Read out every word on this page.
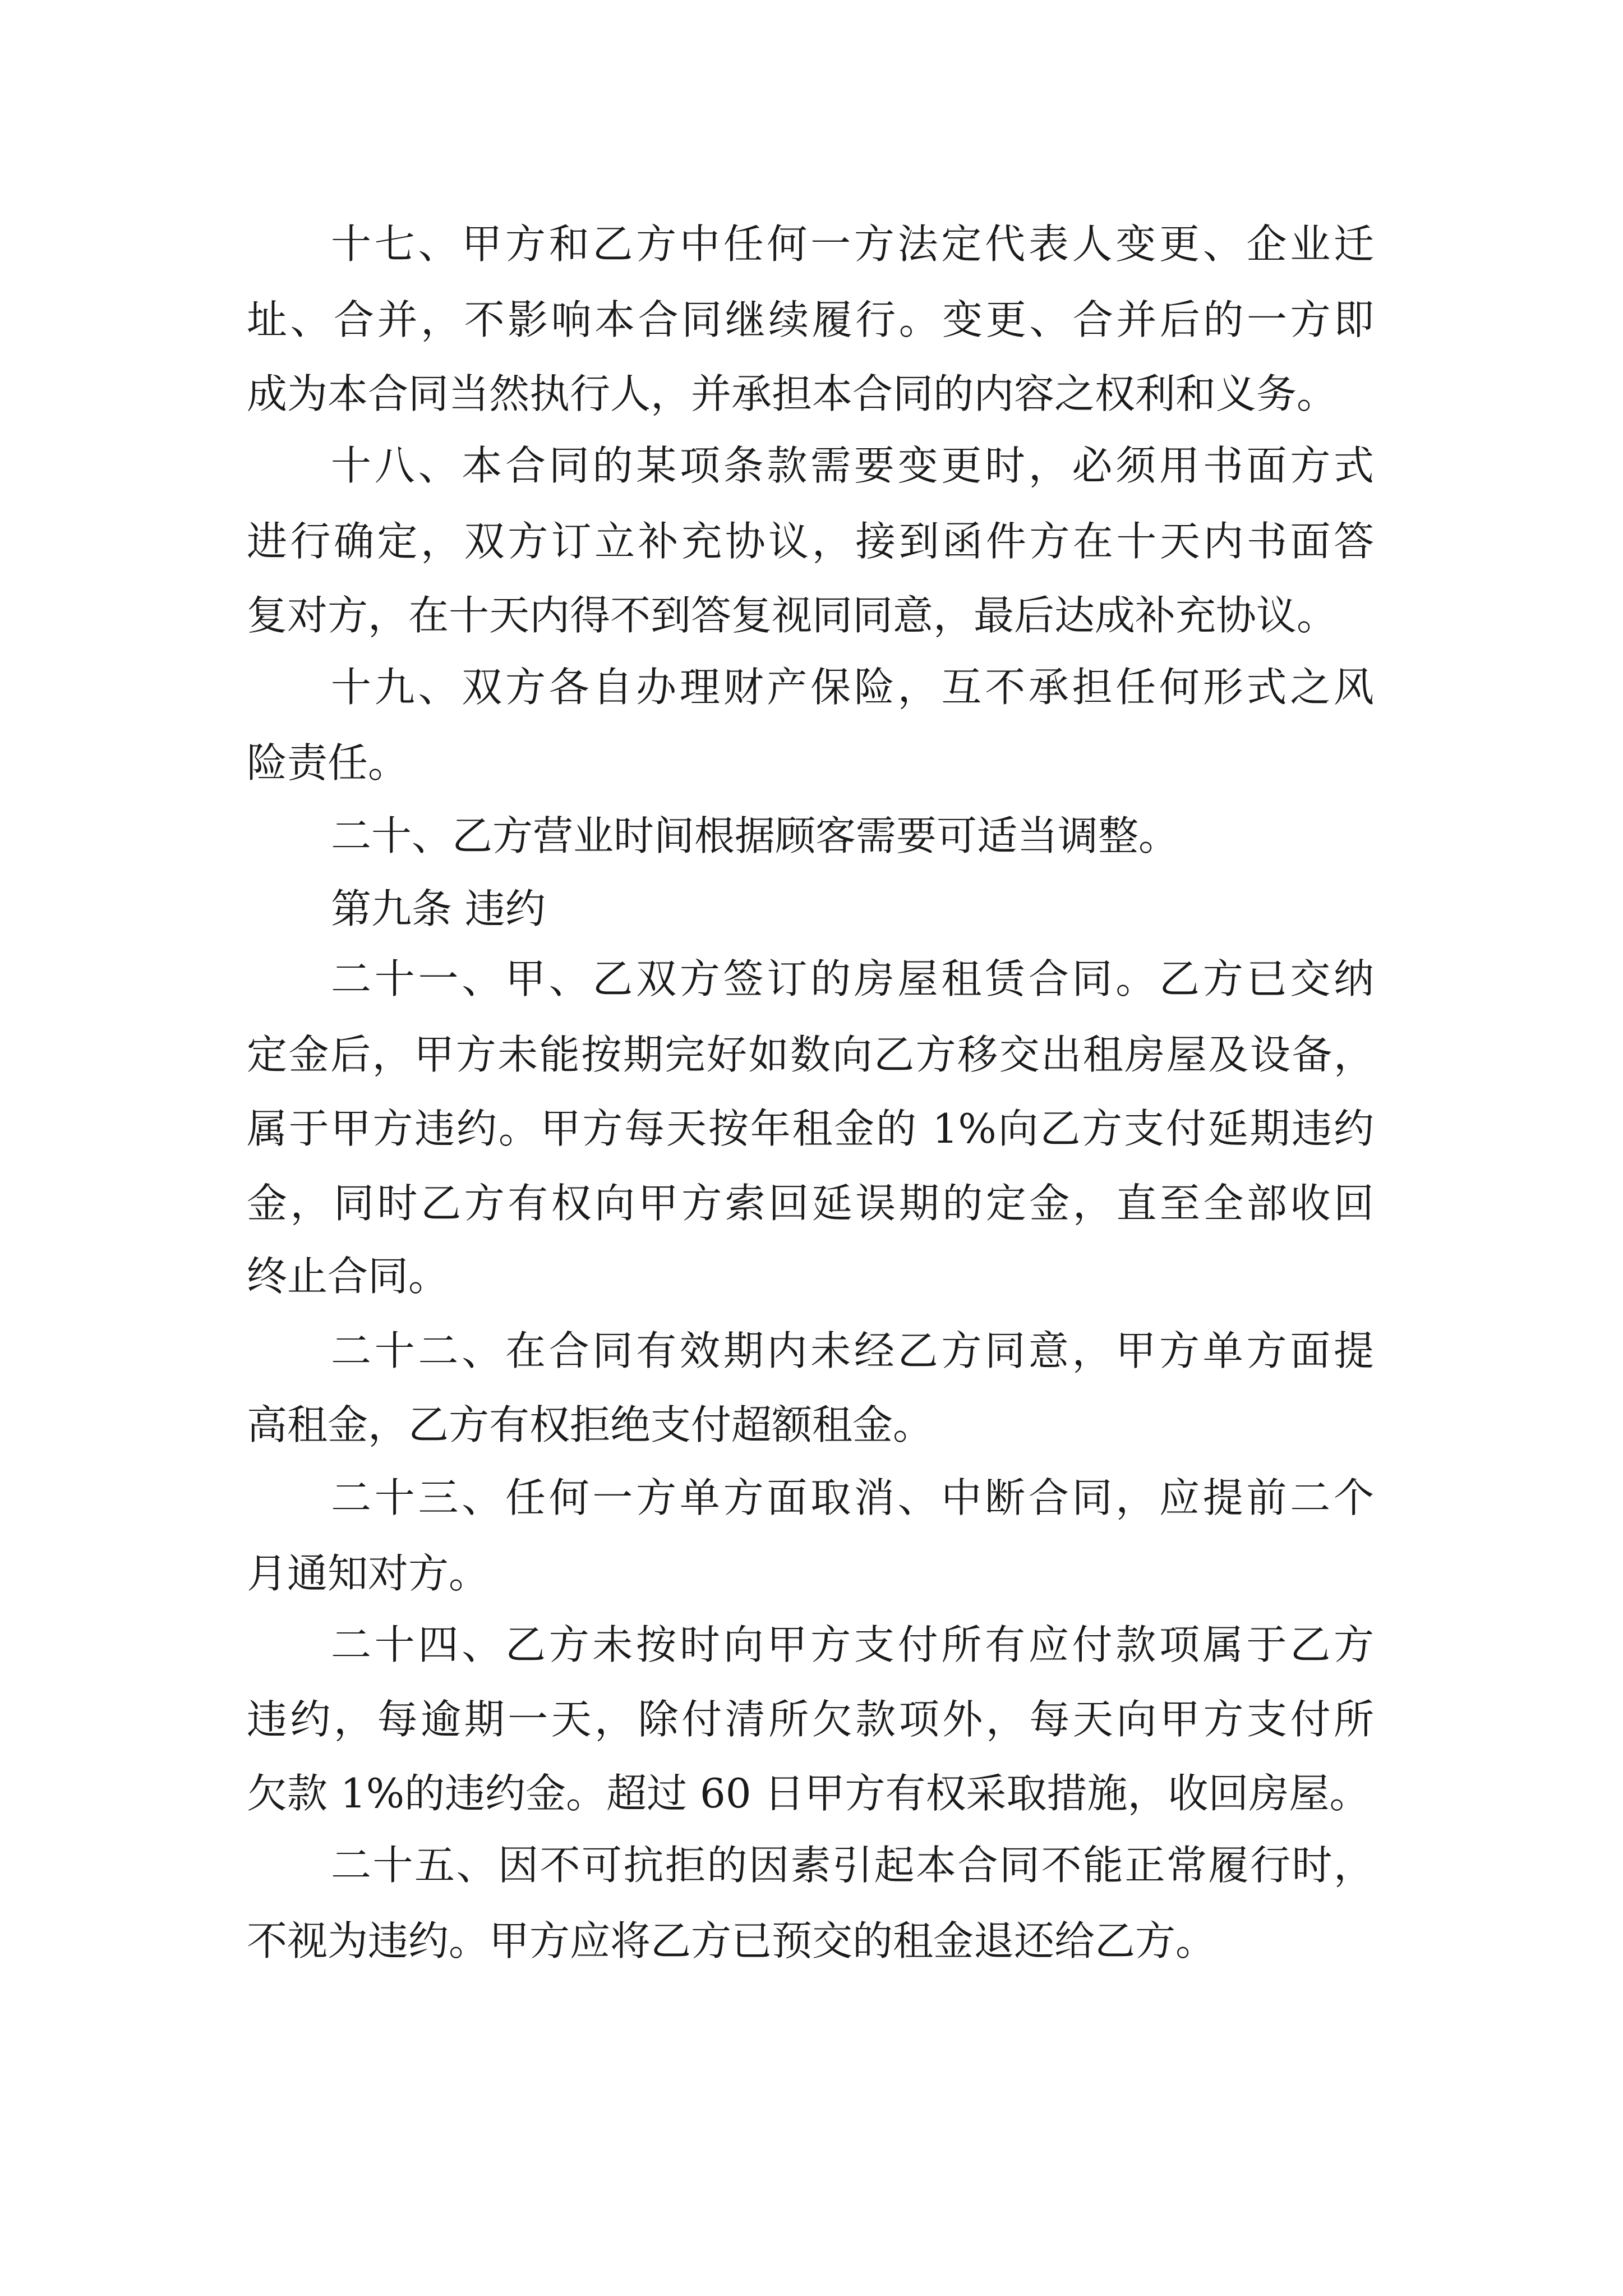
十七、甲方和乙方中任何一方法定代表人变更、企业迁
址、合并，不影响本合同继续履行。变更、合并后的一方即
成为本合同当然执行人，并承担本合同的内容之权利和义务。
十八、本合同的某项条款需要变更时，必须用书面方式
进行确定，双方订立补充协议，接到函件方在十天内书面答
复对方，在十天内得不到答复视同同意，最后达成补充协议。
十九、双方各自办理财产保险，互不承担任何形式之风
险责任。
二十、乙方营业时间根据顾客需要可适当调整。
第九条 违约
二十一、甲、乙双方签订的房屋租赁合同。乙方已交纳
定金后，甲方未能按期完好如数向乙方移交出租房屋及设备，
属于甲方违约。甲方每天按年租金的 1%向乙方支付延期违约
金，同时乙方有权向甲方索回延误期的定金，直至全部收回
终止合同。
二十二、在合同有效期内未经乙方同意，甲方单方面提
高租金，乙方有权拒绝支付超额租金。
二十三、任何一方单方面取消、中断合同，应提前二个
月通知对方。
二十四、乙方未按时向甲方支付所有应付款项属于乙方
违约，每逾期一天，除付清所欠款项外，每天向甲方支付所
欠款 1%的违约金。超过 60 日甲方有权采取措施，收回房屋。
二十五、因不可抗拒的因素引起本合同不能正常履行时，
不视为违约。甲方应将乙方已预交的租金退还给乙方。
